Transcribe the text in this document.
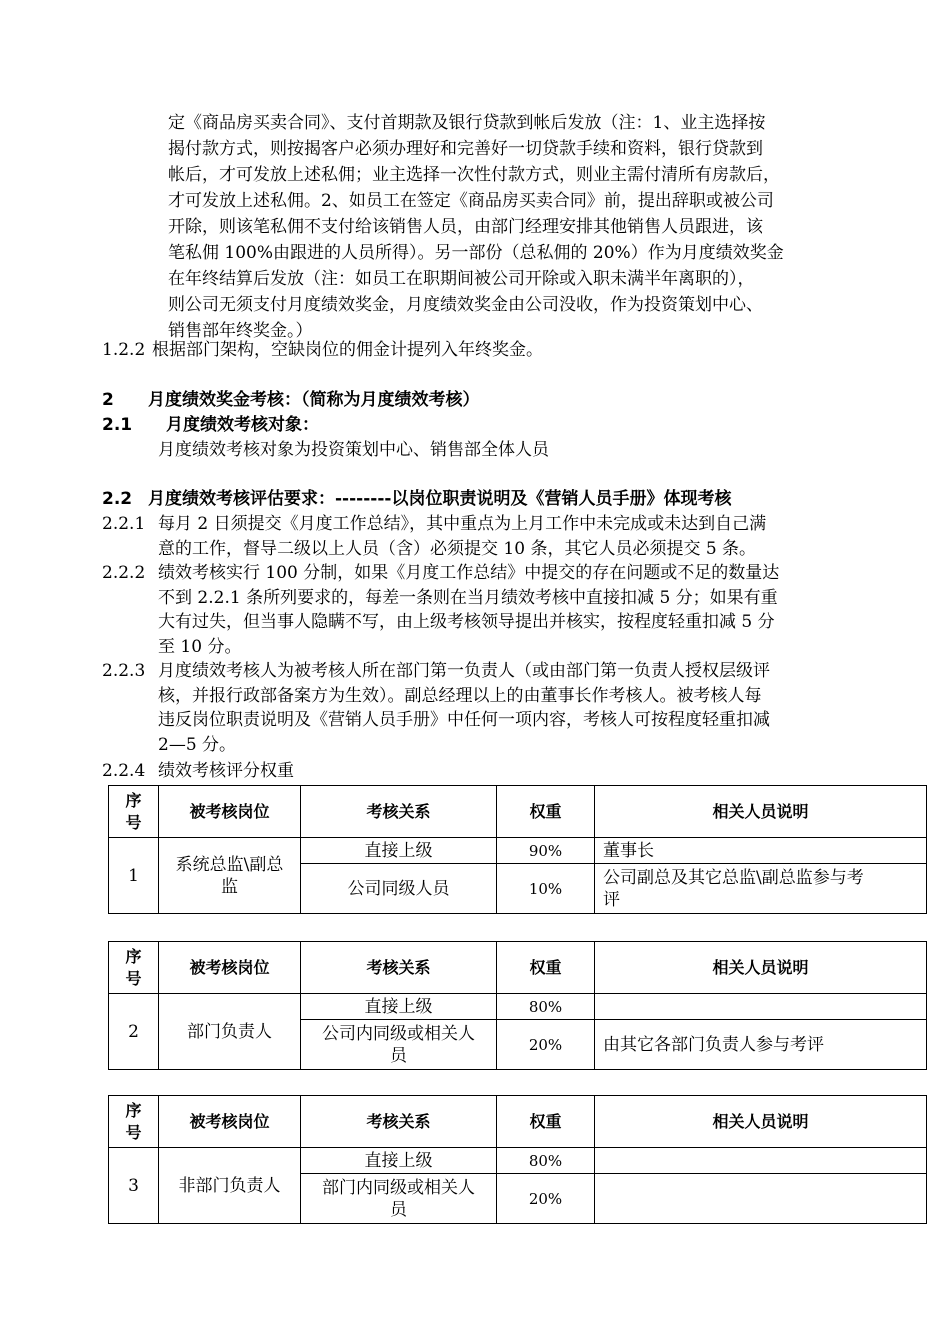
定《商品房买卖合同》、支付首期款及银行贷款到帐后发放（注：1、业主选择按
揭付款方式，则按揭客户必须办理好和完善好一切贷款手续和资料，银行贷款到
帐后，才可发放上述私佣；业主选择一次性付款方式，则业主需付清所有房款后，
才可发放上述私佣。2、如员工在签定《商品房买卖合同》前，提出辞职或被公司
开除，则该笔私佣不支付给该销售人员，由部门经理安排其他销售人员跟进，该
笔私佣 100%由跟进的人员所得）。另一部份（总私佣的 20%）作为月度绩效奖金
在年终结算后发放（注：如员工在职期间被公司开除或入职未满半年离职的），
则公司无须支付月度绩效奖金，月度绩效奖金由公司没收，作为投资策划中心、
销售部年终奖金。）
1.2.2 根据部门架构，空缺岗位的佣金计提列入年终奖金。
2 月度绩效奖金考核：（简称为月度绩效考核）
2.1 月度绩效考核对象：
月度绩效考核对象为投资策划中心、销售部全体人员
2.2 月度绩效考核评估要求：--------以岗位职责说明及《营销人员手册》体现考核
2.2.1 每月 2 日须提交《月度工作总结》，其中重点为上月工作中未完成或未达到自己满
意的工作，督导二级以上人员（含）必须提交 10 条，其它人员必须提交 5 条。
2.2.2 绩效考核实行 100 分制，如果《月度工作总结》中提交的存在问题或不足的数量达
不到 2.2.1 条所列要求的，每差一条则在当月绩效考核中直接扣减 5 分；如果有重
大有过失，但当事人隐瞒不写，由上级考核领导提出并核实，按程度轻重扣减 5 分
至 10 分。
2.2.3 月度绩效考核人为被考核人所在部门第一负责人（或由部门第一负责人授权层级评
核，并报行政部备案方为生效）。副总经理以上的由董事长作考核人。被考核人每
违反岗位职责说明及《营销人员手册》中任何一项内容，考核人可按程度轻重扣减
2—5 分。
2.2.4 绩效考核评分权重
序
号	被考核岗位	考核关系	权重	相关人员说明
1	系统总监\副总
监	直接上级	90%	董事长
		公司同级人员	10%	公司副总及其它总监\副总监参与考
评
序
号	被考核岗位	考核关系	权重	相关人员说明
2	部门负责人	直接上级	80%	
		公司内同级或相关人
员	20%	由其它各部门负责人参与考评
序
号	被考核岗位	考核关系	权重	相关人员说明
3	非部门负责人	直接上级	80%	
		部门内同级或相关人
员	20%	
